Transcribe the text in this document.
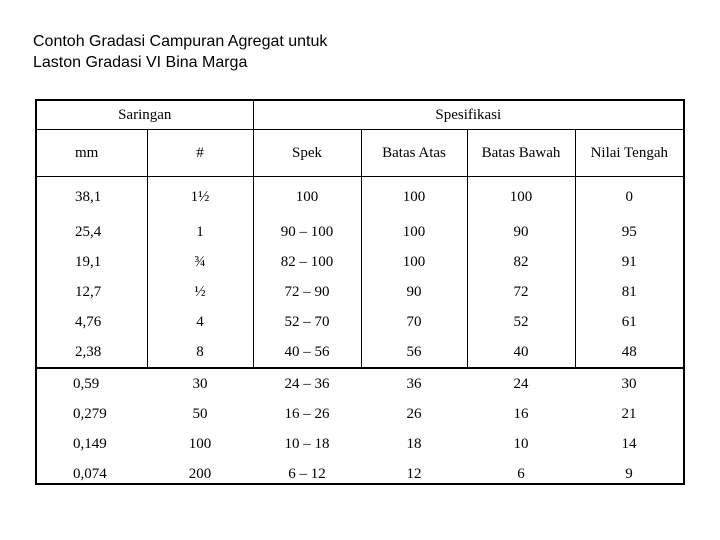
Contoh Gradasi Campuran Agregat untuk
Laston Gradasi VI Bina Marga
Saringan		Spesifikasi			
mm	#	Spek	Batas Atas	Batas Bawah	Nilai Tengah
38,1	1½	100	100	100	0
25,4	1	90 – 100	100	90	95
19,1	¾	82 – 100	100	82	91
12,7	½	72 – 90	90	72	81
4,76	4	52 – 70	70	52	61
2,38	8	40 – 56	56	40	48
0,59	30	24 – 36	36	24	30
0,279	50	16 – 26	26	16	21
0,149	100	10 – 18	18	10	14
0,074	200	6 – 12	12	6	9
